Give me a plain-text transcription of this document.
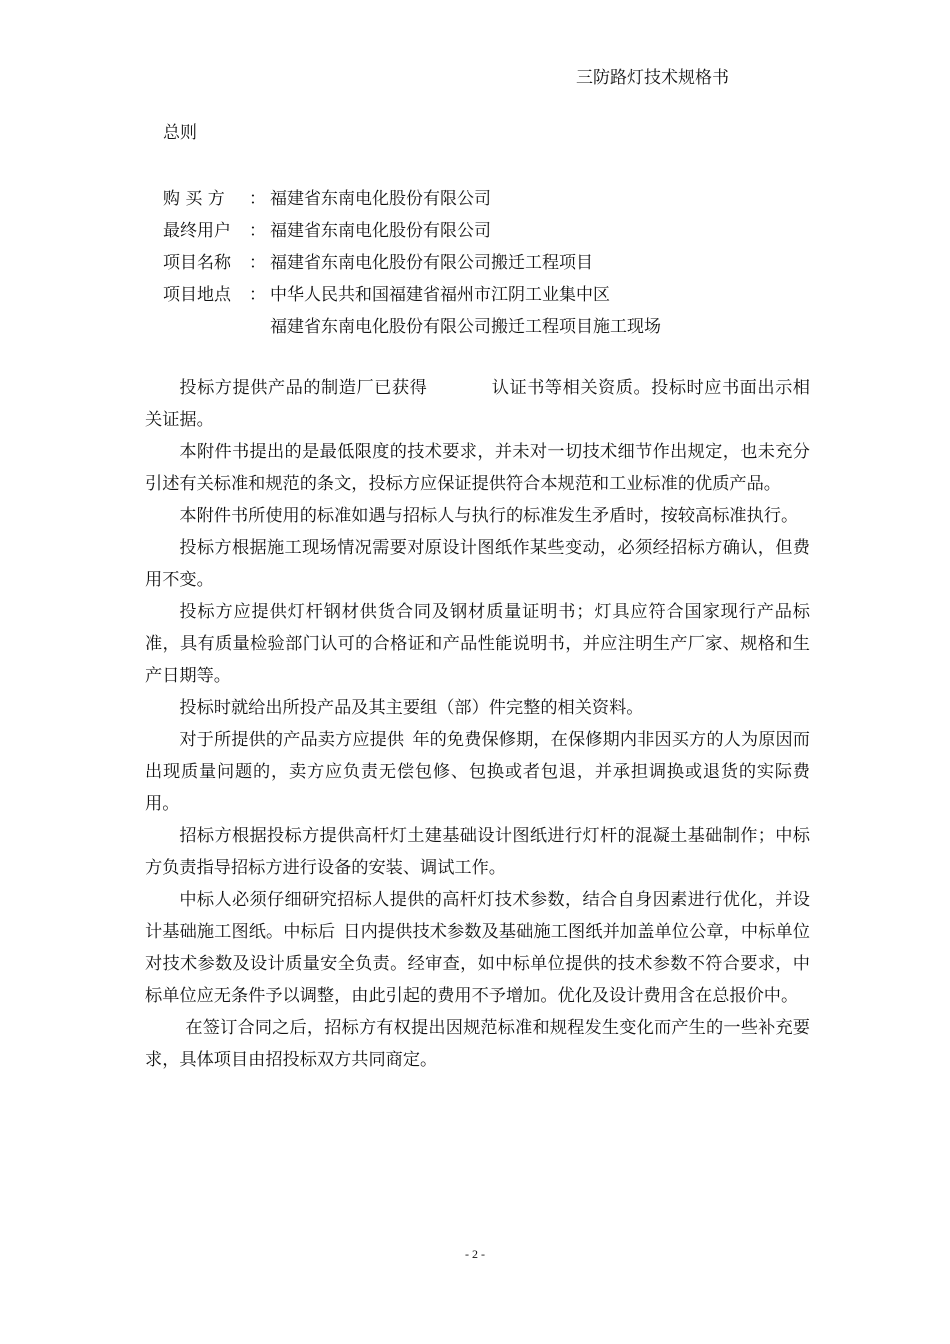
三防路灯技术规格书
总则
购 买 方	： 福建省东南电化股份有限公司
最终用户	： 福建省东南电化股份有限公司
项目名称	： 福建省东南电化股份有限公司搬迁工程项目
项目地点	： 中华人民共和国福建省福州市江阴工业集中区
福建省东南电化股份有限公司搬迁工程项目施工现场

投标方提供产品的制造厂已获得	认证书等相关资质。投标时应书面出示相关证据。

本附件书提出的是最低限度的技术要求，并未对一切技术细节作出规定，也未充分引述有关标准和规范的条文，投标方应保证提供符合本规范和工业标准的优质产品。

本附件书所使用的标准如遇与招标人与执行的标准发生矛盾时，按较高标准执行。

投标方根据施工现场情况需要对原设计图纸作某些变动，必须经招标方确认，但费用不变。

投标方应提供灯杆钢材供货合同及钢材质量证明书；灯具应符合国家现行产品标准，具有质量检验部门认可的合格证和产品性能说明书，并应注明生产厂家、规格和生产日期等。

投标时就给出所投产品及其主要组（部）件完整的相关资料。

对于所提供的产品卖方应提供 年的免费保修期，在保修期内非因买方的人为原因而出现质量问题的，卖方应负责无偿包修、包换或者包退，并承担调换或退货的实际费用。

招标方根据投标方提供高杆灯土建基础设计图纸进行灯杆的混凝土基础制作；中标方负责指导招标方进行设备的安装、调试工作。

中标人必须仔细研究招标人提供的高杆灯技术参数，结合自身因素进行优化，并设计基础施工图纸。中标后 日内提供技术参数及基础施工图纸并加盖单位公章，中标单位对技术参数及设计质量安全负责。经审查，如中标单位提供的技术参数不符合要求，中标单位应无条件予以调整，由此引起的费用不予增加。优化及设计费用含在总报价中。

在签订合同之后，招标方有权提出因规范标准和规程发生变化而产生的一些补充要求，具体项目由招投标双方共同商定。

- 2 -
